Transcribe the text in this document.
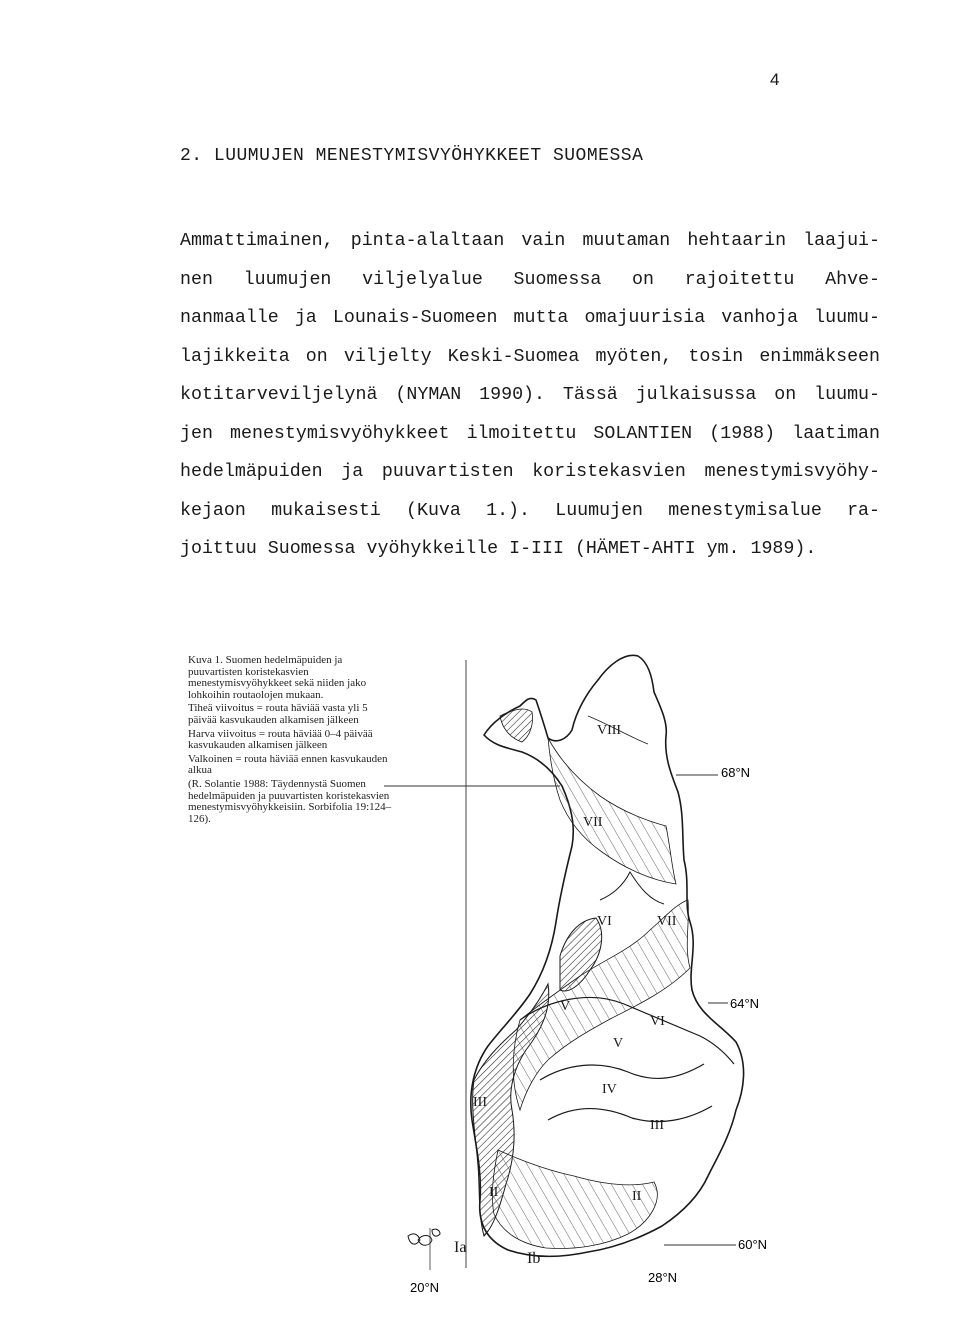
4
2. LUUMUJEN MENESTYMISVYÖHYKKEET SUOMESSA
Ammattimainen, pinta-alaltaan vain muutaman hehtaarin laajui-
nen luumujen viljelyalue Suomessa on rajoitettu Ahve-
nanmaalle ja Lounais-Suomeen mutta omajuurisia vanhoja luumu-
lajikkeita on viljelty Keski-Suomea myöten, tosin enimmäkseen
kotitarveviljelynä (NYMAN 1990). Tässä julkaisussa on luumu-
jen menestymisvyöhykkeet ilmoitettu SOLANTIEN (1988) laatiman
hedelmäpuiden ja puuvartisten koristekasvien menestymisvyöhy-
kejaon mukaisesti (Kuva 1.). Luumujen menestymisalue ra-
joittuu Suomessa vyöhykkeille I-III (HÄMET-AHTI ym. 1989).

Kuva 1. Suomen hedelmäpuiden ja puuvartisten koristekasvien menestymisvyöhykkeet sekä niiden jako lohkoihin routaolojen mukaan.

Tiheä viivoitus = routa häviää vasta yli 5 päivää kasvukauden alkamisen jälkeen

Harva viivoitus = routa häviää 0–4 päivää kasvukauden alkamisen jälkeen

Valkoinen = routa häviää ennen kasvukauden alkua

(R. Solantie 1988: Täydennystä Suomen hedelmäpuiden ja puuvartisten koristekasvien menestymisvyöhykkeisiin. Sorbifolia 19:124–126).

68°N
64°N
60°N
20°N
28°N
VIII
VII
VI	VII
V
VI
V
IV
III
III
II	II
Ia
Ib
